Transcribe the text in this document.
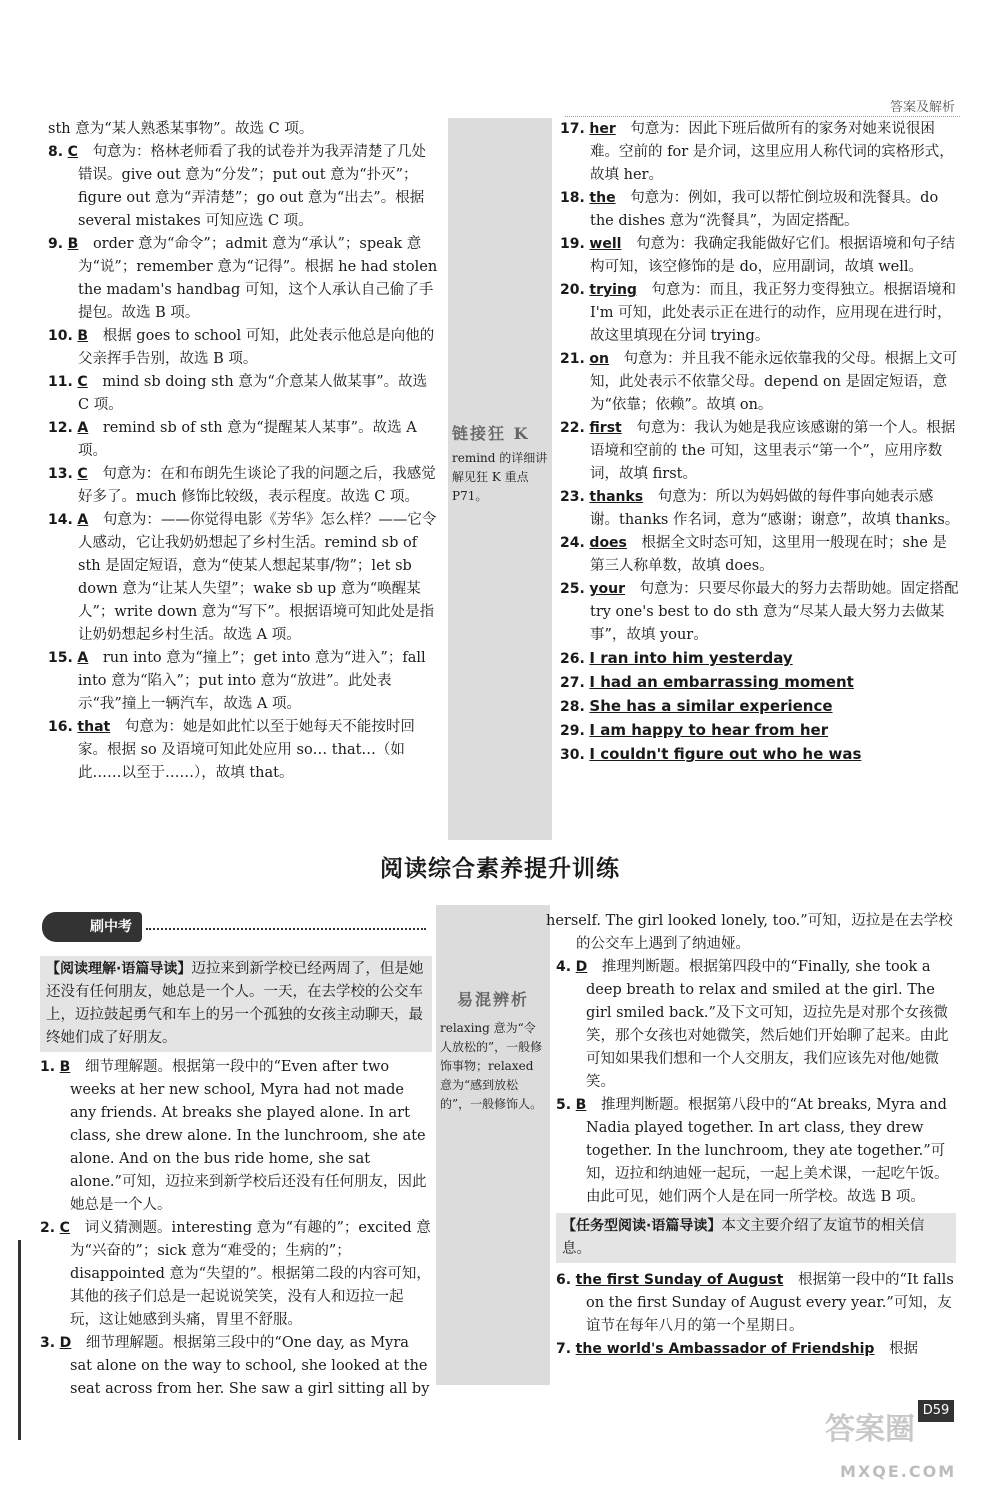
答案及解析

sth 意为“某人熟悉某事物”。故选 C 项。

8. C 句意为：格林老师看了我的试卷并为我弄清楚了几处错误。give out 意为“分发”；put out 意为“扑灭”；figure out 意为“弄清楚”；go out 意为“出去”。根据 several mistakes 可知应选 C 项。

9. B order 意为“命令”；admit 意为“承认”；speak 意为“说”；remember 意为“记得”。根据 he had stolen the madam's handbag 可知，这个人承认自己偷了手提包。故选 B 项。

10. B 根据 goes to school 可知，此处表示他总是向他的父亲挥手告别，故选 B 项。

11. C mind sb doing sth 意为“介意某人做某事”。故选 C 项。

12. A remind sb of sth 意为“提醒某人某事”。故选 A 项。

13. C 句意为：在和布朗先生谈论了我的问题之后，我感觉好多了。much 修饰比较级，表示程度。故选 C 项。

14. A 句意为：——你觉得电影《芳华》怎么样？——它令人感动，它让我奶奶想起了乡村生活。remind sb of sth 是固定短语，意为“使某人想起某事/物”；let sb down 意为“让某人失望”；wake sb up 意为“唤醒某人”；write down 意为“写下”。根据语境可知此处是指让奶奶想起乡村生活。故选 A 项。

15. A run into 意为“撞上”；get into 意为“进入”；fall into 意为“陷入”；put into 意为“放进”。此处表示“我”撞上一辆汽车，故选 A 项。

16. that 句意为：她是如此忙以至于她每天不能按时回家。根据 so 及语境可知此处应用 so… that…（如此……以至于……），故填 that。

链接狂 K
remind 的详细讲解见狂 K 重点 P71。

17. her 句意为：因此下班后做所有的家务对她来说很困难。空前的 for 是介词，这里应用人称代词的宾格形式，故填 her。

18. the 句意为：例如，我可以帮忙倒垃圾和洗餐具。do the dishes 意为“洗餐具”，为固定搭配。

19. well 句意为：我确定我能做好它们。根据语境和句子结构可知，该空修饰的是 do，应用副词，故填 well。

20. trying 句意为：而且，我正努力变得独立。根据语境和 I'm 可知，此处表示正在进行的动作，应用现在进行时，故这里填现在分词 trying。

21. on 句意为：并且我不能永远依靠我的父母。根据上文可知，此处表示不依靠父母。depend on 是固定短语，意为“依靠；依赖”。故填 on。

22. first 句意为：我认为她是我应该感谢的第一个人。根据语境和空前的 the 可知，这里表示“第一个”，应用序数词，故填 first。

23. thanks 句意为：所以为妈妈做的每件事向她表示感谢。thanks 作名词，意为“感谢；谢意”，故填 thanks。

24. does 根据全文时态可知，这里用一般现在时；she 是第三人称单数，故填 does。

25. your 句意为：只要尽你最大的努力去帮助她。固定搭配 try one's best to do sth 意为“尽某人最大努力去做某事”，故填 your。

26. I ran into him yesterday

27. I had an embarrassing moment

28. She has a similar experience

29. I am happy to hear from her

30. I couldn't figure out who he was

阅读综合素养提升训练
刷中考
【阅读理解·语篇导读】迈拉来到新学校已经两周了，但是她还没有任何朋友，她总是一个人。一天，在去学校的公交车上，迈拉鼓起勇气和车上的另一个孤独的女孩主动聊天，最终她们成了好朋友。

1. B 细节理解题。根据第一段中的“Even after two weeks at her new school, Myra had not made any friends. At breaks she played alone. In art class, she drew alone. In the lunchroom, she ate alone. And on the bus ride home, she sat alone.”可知，迈拉来到新学校后还没有任何朋友，因此她总是一个人。

2. C 词义猜测题。interesting 意为“有趣的”；excited 意为“兴奋的”；sick 意为“难受的；生病的”；disappointed 意为“失望的”。根据第二段的内容可知，其他的孩子们总是一起说说笑笑，没有人和迈拉一起玩，这让她感到头痛，胃里不舒服。

3. D 细节理解题。根据第三段中的“One day, as Myra sat alone on the way to school, she looked at the seat across from her. She saw a girl sitting all by

易混辨析
relaxing 意为“令人放松的”，一般修饰事物；relaxed 意为“感到放松的”，一般修饰人。

herself. The girl looked lonely, too.”可知，迈拉是在去学校的公交车上遇到了纳迪娅。

4. D 推理判断题。根据第四段中的“Finally, she took a deep breath to relax and smiled at the girl. The girl smiled back.”及下文可知，迈拉先是对那个女孩微笑，那个女孩也对她微笑，然后她们开始聊了起来。由此可知如果我们想和一个人交朋友，我们应该先对他/她微笑。

5. B 推理判断题。根据第八段中的“At breaks, Myra and Nadia played together. In art class, they drew together. In the lunchroom, they ate together.”可知，迈拉和纳迪娅一起玩，一起上美术课，一起吃午饭。由此可见，她们两个人是在同一所学校。故选 B 项。

【任务型阅读·语篇导读】本文主要介绍了友谊节的相关信息。

6. the first Sunday of August 根据第一段中的“It falls on the first Sunday of August every year.”可知，友谊节在每年八月的第一个星期日。

7. the world's Ambassador of Friendship 根据

D59
答案圈
MXQE.COM
